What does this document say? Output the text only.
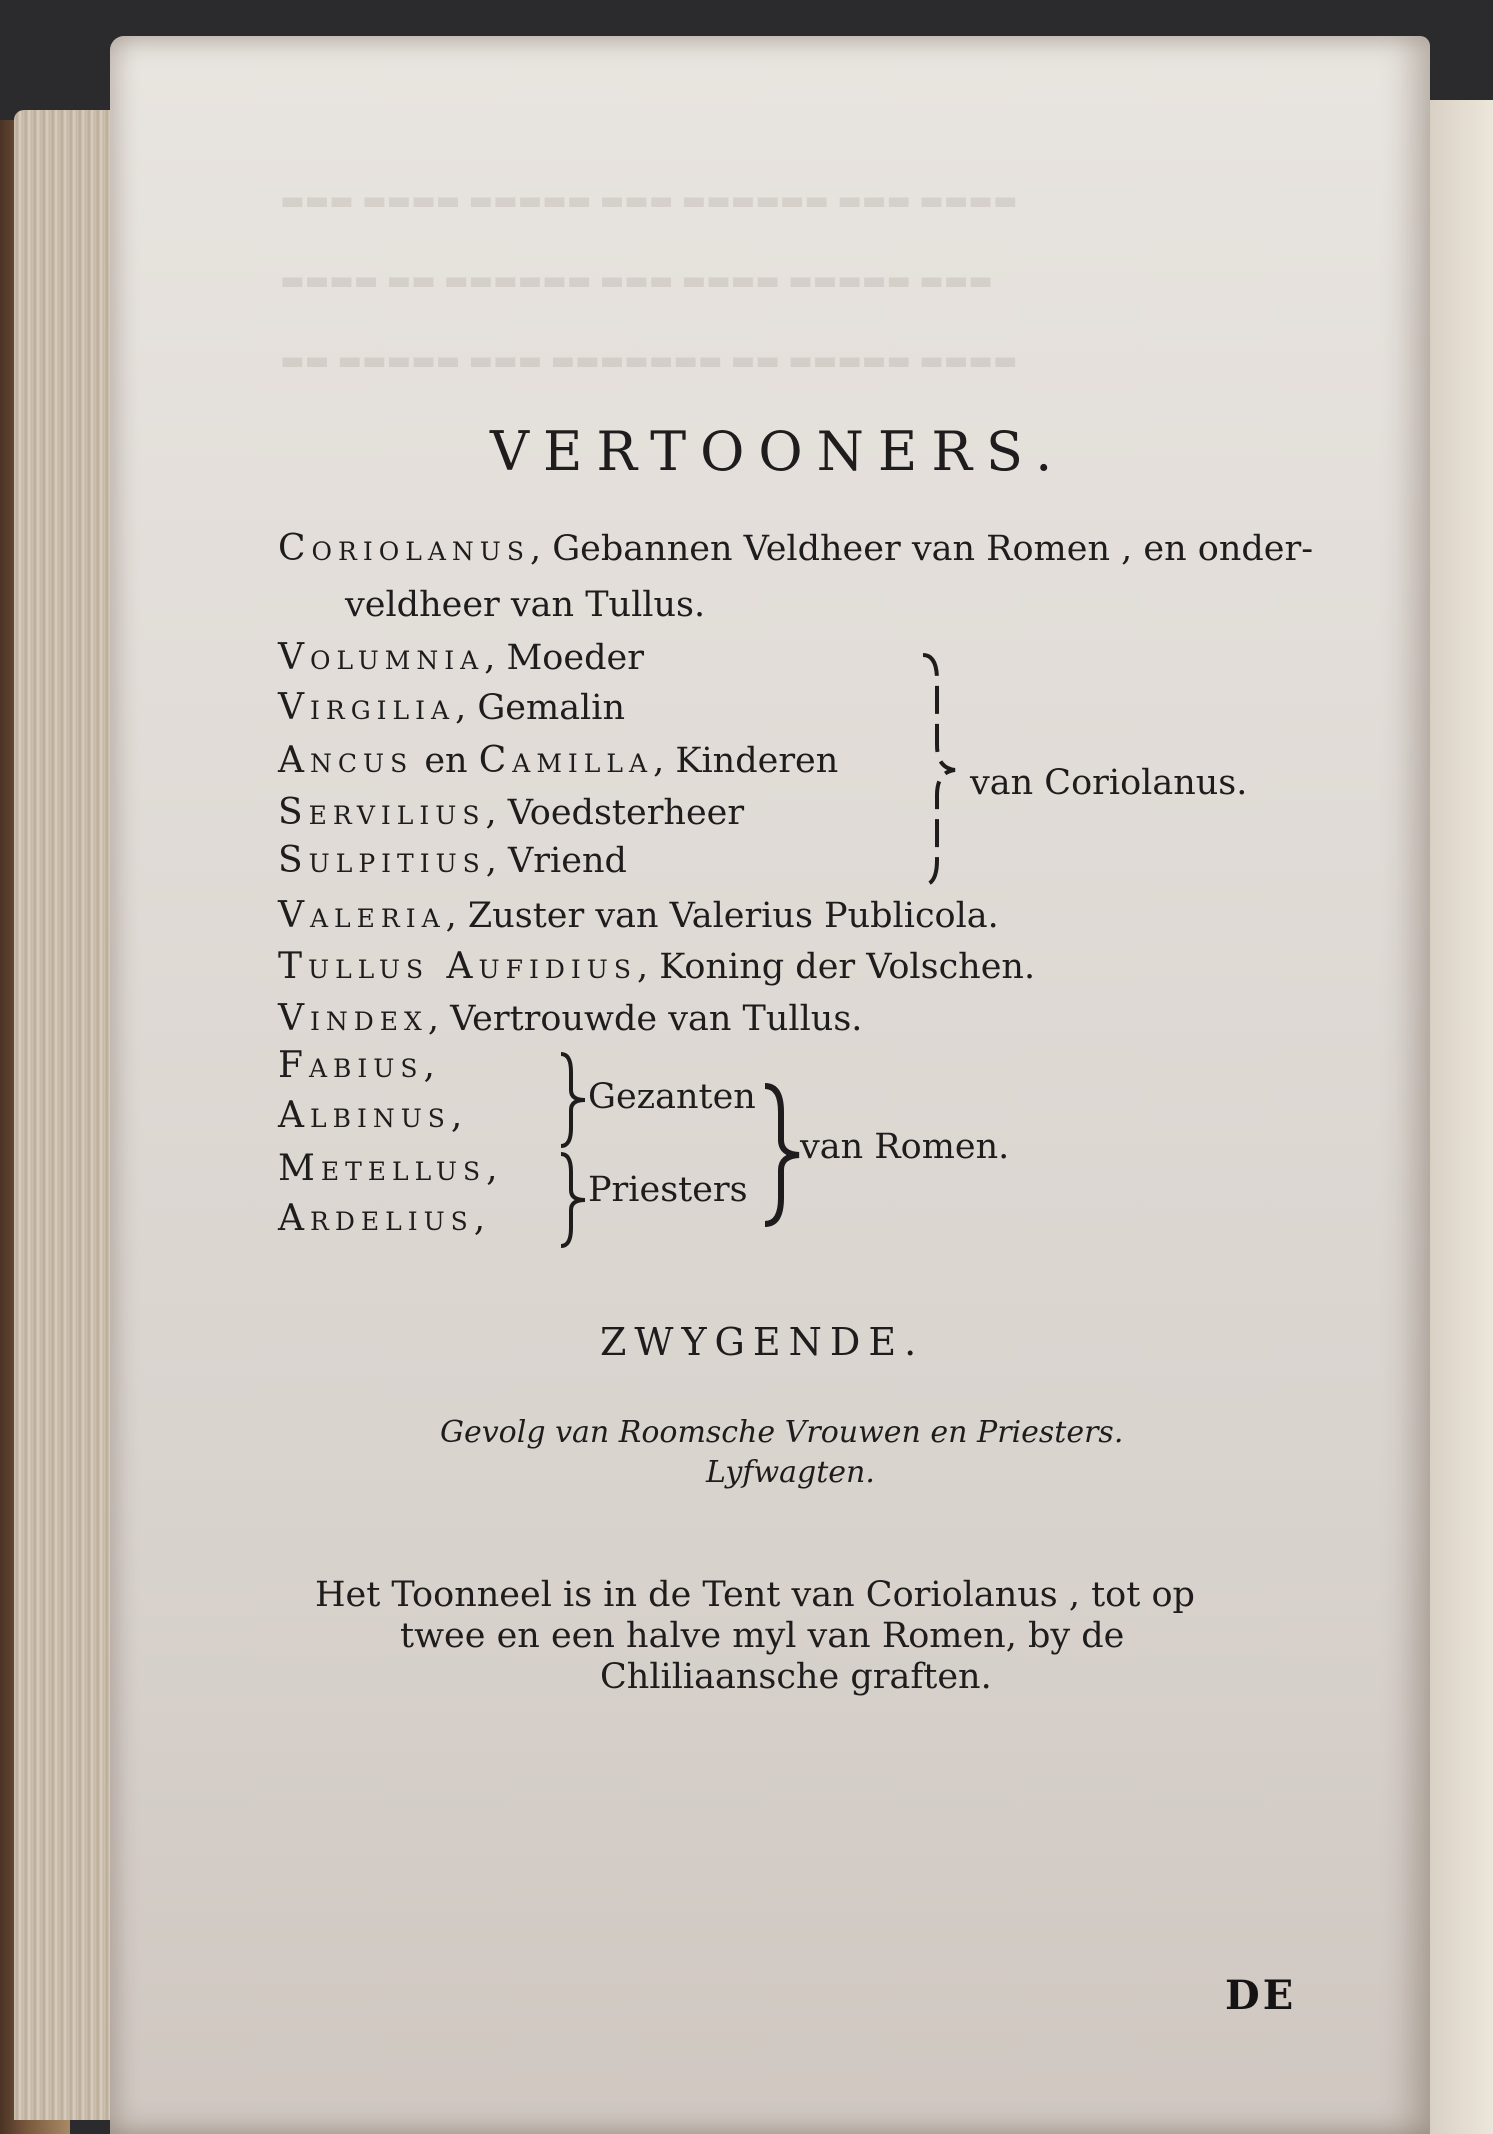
▬▬▬ ▬▬▬▬ ▬▬▬▬▬ ▬▬▬ ▬▬▬▬▬▬ ▬▬▬ ▬▬▬▬
▬▬▬▬ ▬▬ ▬▬▬▬▬▬ ▬▬▬ ▬▬▬▬ ▬▬▬▬▬ ▬▬▬
▬▬ ▬▬▬▬▬ ▬▬▬ ▬▬▬▬▬▬▬ ▬▬ ▬▬▬▬▬ ▬▬▬▬
VERTOONERS.
Coriolanus, Gebannen Veldheer van Romen , en onder-
veldheer van Tullus.
Volumnia, Moeder
Virgilia, Gemalin
Ancus en Camilla, Kinderen
Servilius, Voedsterheer
Sulpitius, Vriend
van Coriolanus.
Valeria, Zuster van Valerius Publicola.
Tullus Aufidius, Koning der Volschen.
Vindex, Vertrouwde van Tullus.
Fabius,
Albinus,
Metellus,
Ardelius,
Gezanten
Priesters
van Romen.
ZWYGENDE.
Gevolg van Roomsche Vrouwen en Priesters.
Lyfwagten.
Het Toonneel is in de Tent van Coriolanus , tot op
twee en een halve myl van Romen, by de
Chliliaansche graften.
DE
